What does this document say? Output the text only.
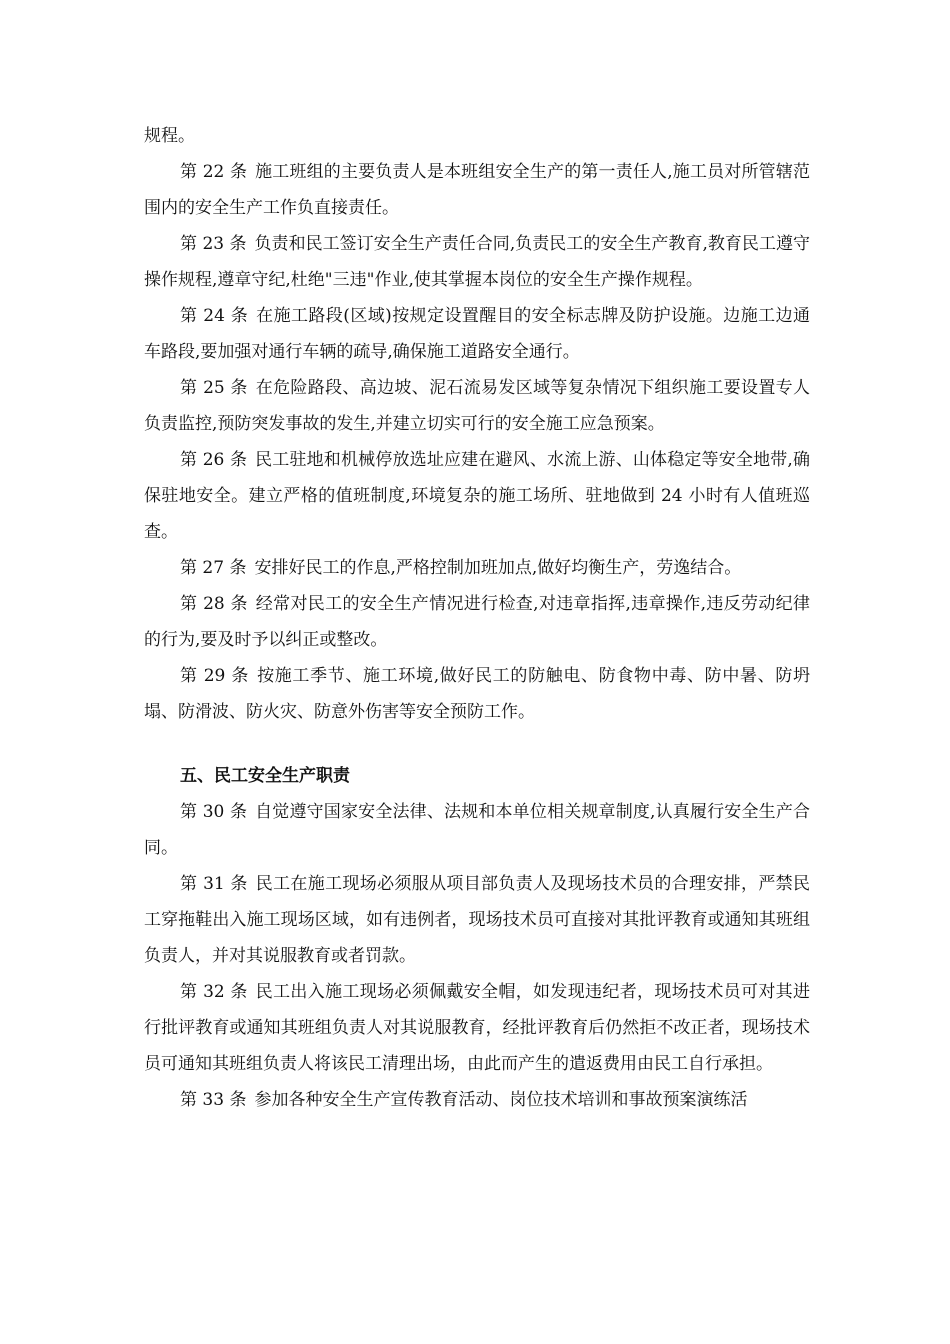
规程。

第 22 条 施工班组的主要负责人是本班组安全生产的第一责任人,施工员对所管辖范围内的安全生产工作负直接责任。

第 23 条 负责和民工签订安全生产责任合同,负责民工的安全生产教育,教育民工遵守操作规程,遵章守纪,杜绝"三违"作业,使其掌握本岗位的安全生产操作规程。

第 24 条 在施工路段(区域)按规定设置醒目的安全标志牌及防护设施。边施工边通车路段,要加强对通行车辆的疏导,确保施工道路安全通行。

第 25 条 在危险路段、高边坡、泥石流易发区域等复杂情况下组织施工要设置专人负责监控,预防突发事故的发生,并建立切实可行的安全施工应急预案。

第 26 条 民工驻地和机械停放选址应建在避风、水流上游、山体稳定等安全地带,确保驻地安全。建立严格的值班制度,环境复杂的施工场所、驻地做到 24 小时有人值班巡查。

第 27 条 安排好民工的作息,严格控制加班加点,做好均衡生产，劳逸结合。

第 28 条 经常对民工的安全生产情况进行检查,对违章指挥,违章操作,违反劳动纪律的行为,要及时予以纠正或整改。

第 29 条 按施工季节、施工环境,做好民工的防触电、防食物中毒、防中暑、防坍塌、防滑波、防火灾、防意外伤害等安全预防工作。

五、民工安全生产职责

第 30 条 自觉遵守国家安全法律、法规和本单位相关规章制度,认真履行安全生产合同。

第 31 条 民工在施工现场必须服从项目部负责人及现场技术员的合理安排，严禁民工穿拖鞋出入施工现场区域，如有违例者，现场技术员可直接对其批评教育或通知其班组负责人，并对其说服教育或者罚款。

第 32 条 民工出入施工现场必须佩戴安全帽，如发现违纪者，现场技术员可对其进行批评教育或通知其班组负责人对其说服教育，经批评教育后仍然拒不改正者，现场技术员可通知其班组负责人将该民工清理出场，由此而产生的遣返费用由民工自行承担。

第 33 条 参加各种安全生产宣传教育活动、岗位技术培训和事故预案演练活
